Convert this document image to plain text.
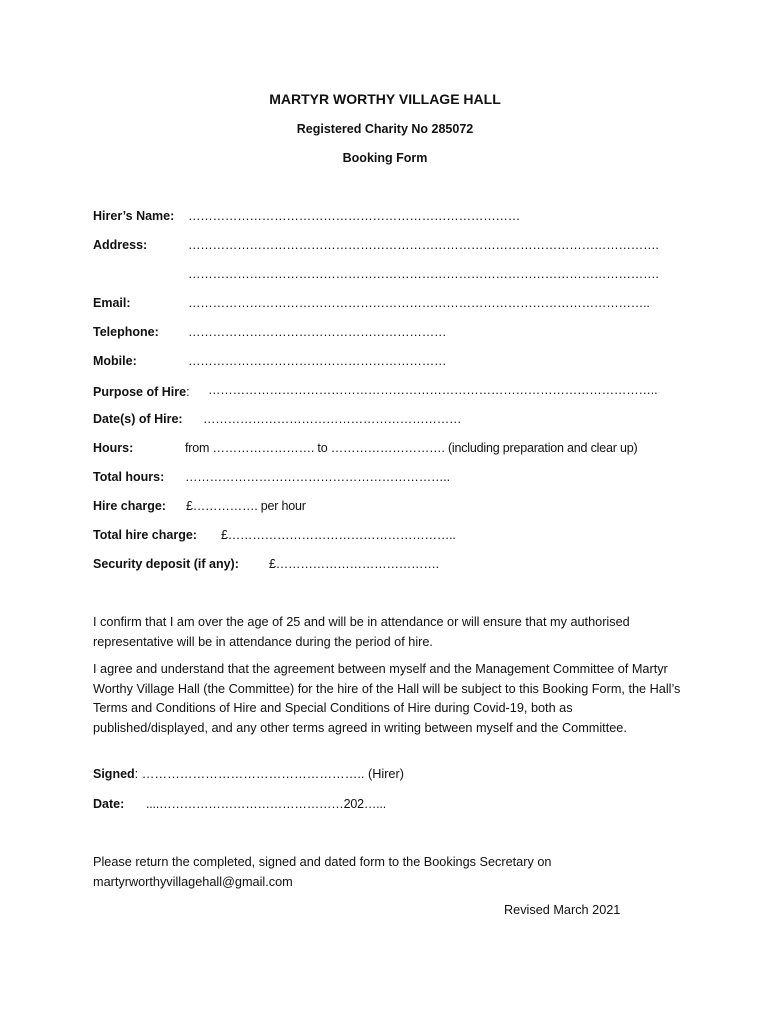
MARTYR WORTHY VILLAGE HALL
Registered Charity No 285072
Booking Form
Hirer’s Name: ………………………………………………………………………
Address:	…………………………………………………………………………………………………….
…………………………………………………………………………………………………….
Email:	…………………………………………………………………………………………………..
Telephone: ………………………………………………………
Mobile:	………………………………………………………
Purpose of Hire: ………………………………………………………………………………………………..
Date(s) of Hire: ………………………………………………………
Hours:	from ……………………. to ………………………. (including preparation and clear up)
Total hours: ………………………………………………………..
Hire charge: £……………. per hour
Total hire charge: £………………………………………………..
Security deposit (if any): £………………………………….

I confirm that I am over the age of 25 and will be in attendance or will ensure that my authorised representative will be in attendance during the period of hire.

I agree and understand that the agreement between myself and the Management Committee of Martyr Worthy Village Hall (the Committee) for the hire of the Hall will be subject to this Booking Form, the Hall’s Terms and Conditions of Hire and Special Conditions of Hire during Covid-19, both as published/displayed, and any other terms agreed in writing between myself and the Committee.

Signed: …………………………………………….. (Hirer)
Date: ....………………………………………202…...

Please return the completed, signed and dated form to the Bookings Secretary on martyrworthyvillagehall@gmail.com

Revised March 2021
